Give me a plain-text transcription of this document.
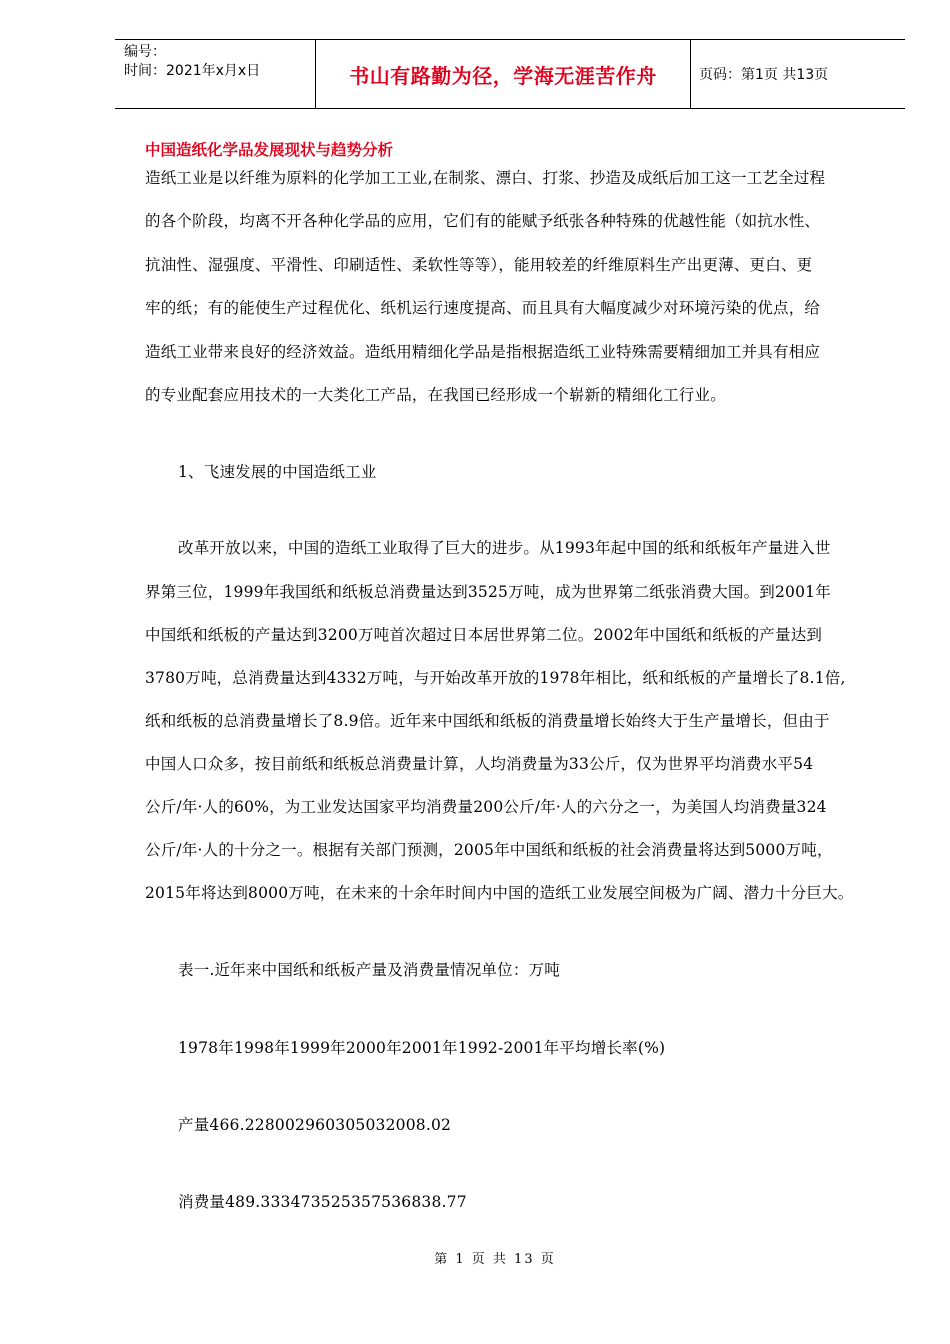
编号：
时间：2021年x月x日	书山有路勤为径，学海无涯苦作舟	页码：第1页 共13页
中国造纸化学品发展现状与趋势分析
造纸工业是以纤维为原料的化学加工工业,在制浆、漂白、打浆、抄造及成纸后加工这一工艺全过程
的各个阶段，均离不开各种化学品的应用，它们有的能赋予纸张各种特殊的优越性能（如抗水性、
抗油性、湿强度、平滑性、印刷适性、柔软性等等），能用较差的纤维原料生产出更薄、更白、更
牢的纸；有的能使生产过程优化、纸机运行速度提高、而且具有大幅度减少对环境污染的优点，给
造纸工业带来良好的经济效益。造纸用精细化学品是指根据造纸工业特殊需要精细加工并具有相应
的专业配套应用技术的一大类化工产品，在我国已经形成一个崭新的精细化工行业。
1、飞速发展的中国造纸工业
改革开放以来，中国的造纸工业取得了巨大的进步。从1993年起中国的纸和纸板年产量进入世
界第三位，1999年我国纸和纸板总消费量达到3525万吨，成为世界第二纸张消费大国。到2001年
中国纸和纸板的产量达到3200万吨首次超过日本居世界第二位。2002年中国纸和纸板的产量达到
3780万吨，总消费量达到4332万吨，与开始改革开放的1978年相比，纸和纸板的产量增长了8.1倍,
纸和纸板的总消费量增长了8.9倍。近年来中国纸和纸板的消费量增长始终大于生产量增长，但由于
中国人口众多，按目前纸和纸板总消费量计算，人均消费量为33公斤，仅为世界平均消费水平54
公斤/年·人的60%，为工业发达国家平均消费量200公斤/年·人的六分之一，为美国人均消费量324
公斤/年·人的十分之一。根据有关部门预测，2005年中国纸和纸板的社会消费量将达到5000万吨，
2015年将达到8000万吨，在未来的十余年时间内中国的造纸工业发展空间极为广阔、潜力十分巨大。
表一.近年来中国纸和纸板产量及消费量情况单位：万吨
1978年1998年1999年2000年2001年1992-2001年平均增长率(%)
产量466.228002960305032008.02
消费量489.333473525357536838.77
第 1 页 共 13 页
